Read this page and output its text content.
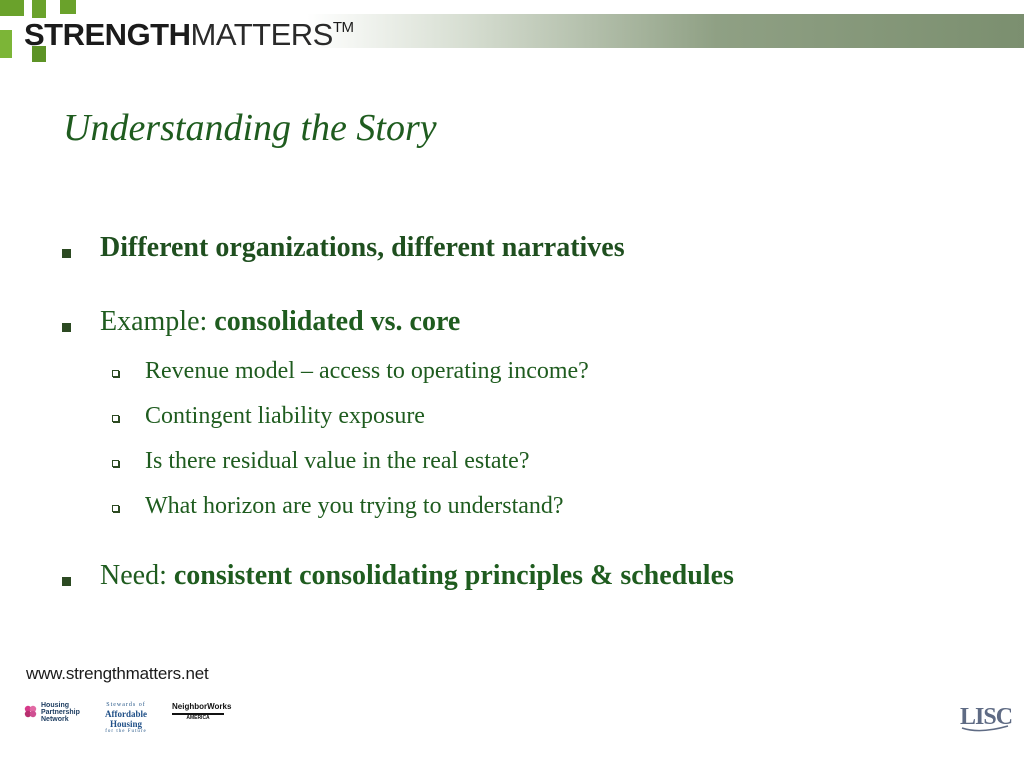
STRENGTHMATTERS™
Understanding the Story
Different organizations, different narratives
Example: consolidated vs. core
Revenue model – access to operating income?
Contingent liability exposure
Is there residual value in the real estate?
What horizon are you trying to understand?
Need: consistent consolidating principles & schedules
www.strengthmatters.net
Housing Partnership Network
Stewards of
Affordable Housing
for the Future
NeighborWorks
AMERICA	LISC
